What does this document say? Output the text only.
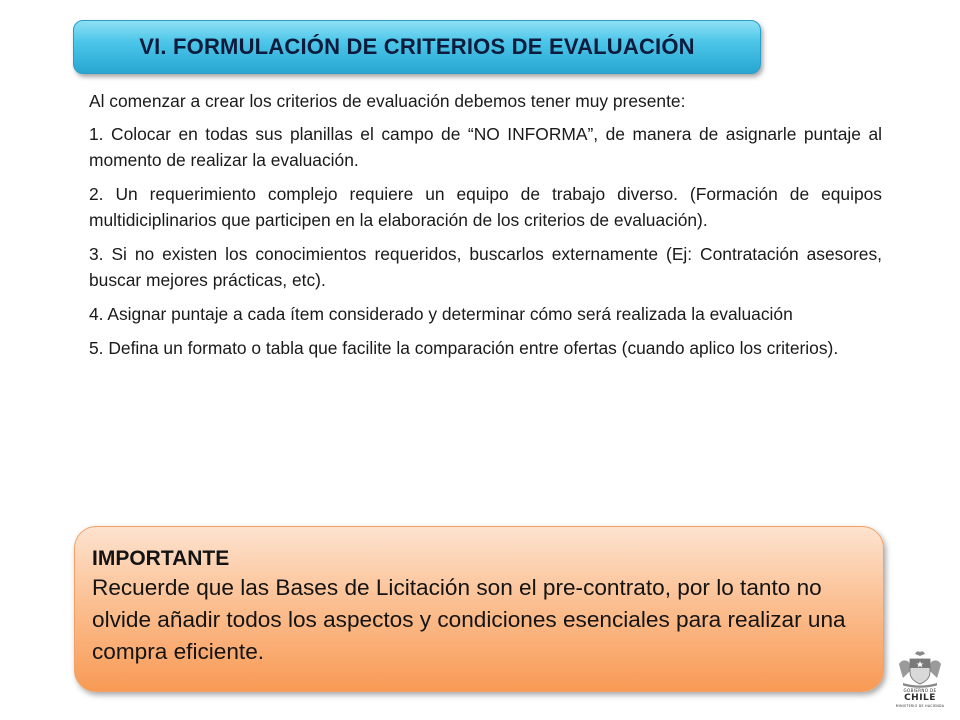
VI. FORMULACIÓN DE CRITERIOS DE EVALUACIÓN

Al comenzar a crear los criterios de evaluación debemos tener muy presente:

1. Colocar en todas sus planillas el campo de “NO INFORMA”, de manera de asignarle puntaje al momento de realizar la evaluación.

2. Un requerimiento complejo requiere un equipo de trabajo diverso. (Formación de equipos multidiciplinarios que participen en la elaboración de los criterios de evaluación).

3. Si no existen los conocimientos requeridos, buscarlos externamente (Ej: Contratación asesores, buscar mejores prácticas, etc).

4. Asignar puntaje a cada ítem considerado y determinar cómo será realizada la evaluación

5. Defina un formato o tabla que facilite la comparación entre ofertas (cuando aplico los criterios).

IMPORTANTE
Recuerde que las Bases de Licitación son el pre-contrato, por lo tanto no olvide añadir todos los aspectos y condiciones esenciales para realizar una compra eficiente.
GOBIERNO DE
CHILE
MINISTERIO DE HACIENDA
